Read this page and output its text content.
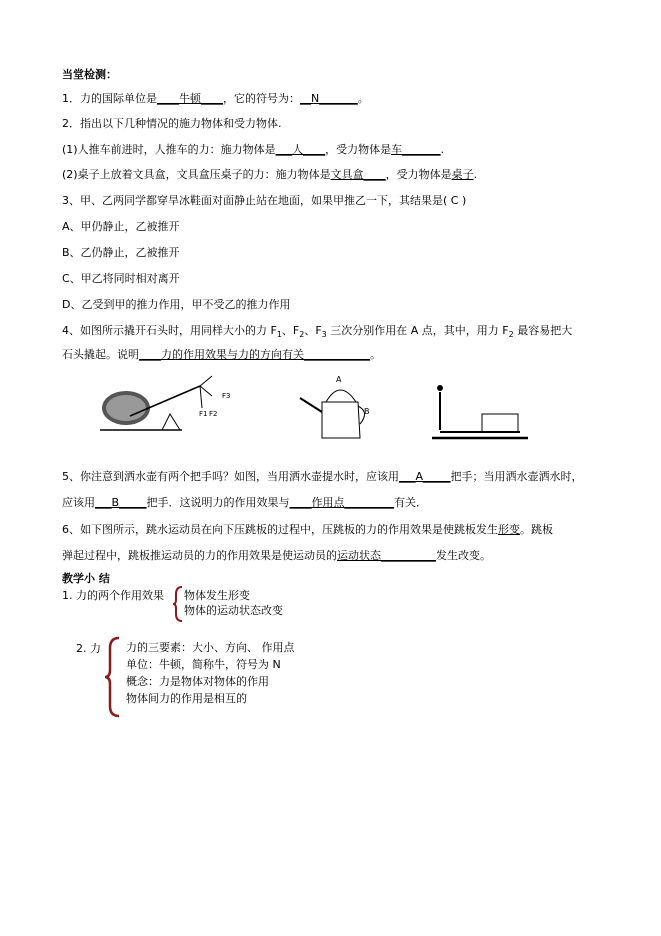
当堂检测：
1．力的国际单位是____牛顿____，它的符号为：__N_______。
2．指出以下几种情况的施力物体和受力物体.
(1)人推车前进时，人推车的力：施力物体是___人____，受力物体是车_______.
(2)桌子上放着文具盒，文具盒压桌子的力：施力物体是文具盒____，受力物体是桌子.
3、甲、乙两同学都穿旱冰鞋面对面静止站在地面，如果甲推乙一下，其结果是( C )
A、甲仍静止，乙被推开
B、乙仍静止，乙被推开
C、甲乙将同时相对离开
D、乙受到甲的推力作用，甲不受乙的推力作用
4、如图所示撬开石头时，用同样大小的力 $F_1$、$F_2$、$F_3$ 三次分别作用在 A 点，其中，用力 $F_2$ 最容易把大
石头撬起。说明____力的作用效果与力的方向有关____________。
F1 F2
F3
A
B
5、你注意到洒水壶有两个把手吗？如图，当用洒水壶提水时，应该用___A_____把手；当用洒水壶洒水时，
应该用___B_____把手．这说明力的作用效果与____作用点_________有关．
6、如下图所示，跳水运动员在向下压跳板的过程中，压跳板的力的作用效果是使跳板发生形变。跳板
弹起过程中，跳板推运动员的力的作用效果是使运动员的运动状态__________发生改变。
教学小 结
1. 力的两个作用效果 物体发生形变
物体的运动状态改变
2. 力 力的三要素：大小、方向、 作用点
单位：牛顿，简称牛，符号为 N
概念：力是物体对物体的作用
物体间力的作用是相互的
